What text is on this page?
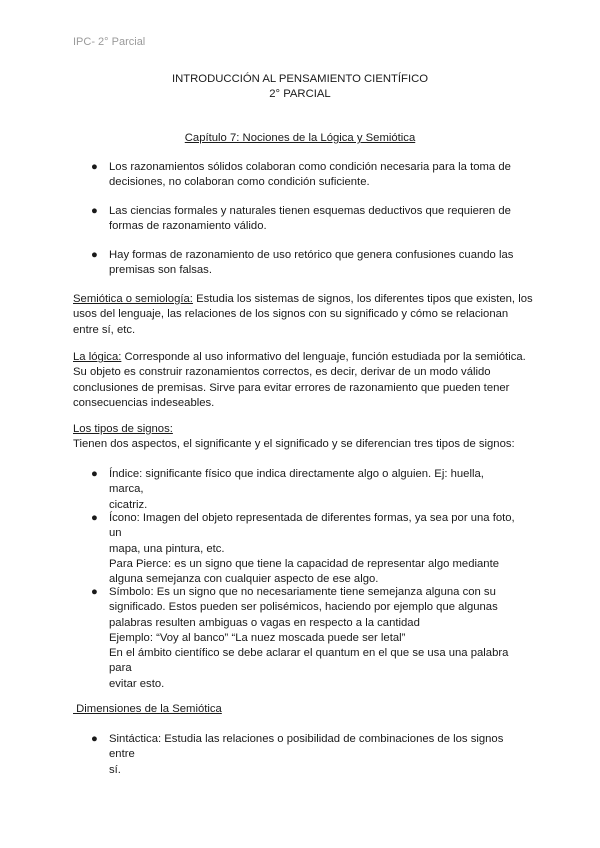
IPC- 2° Parcial
INTRODUCCIÓN AL PENSAMIENTO CIENTÍFICO
2° PARCIAL
Capítulo 7: Nociones de la Lógica y Semiótica
● Los razonamientos sólidos colaboran como condición necesaria para la toma de
decisiones, no colaboran como condición suficiente.
● Las ciencias formales y naturales tienen esquemas deductivos que requieren de
formas de razonamiento válido.
● Hay formas de razonamiento de uso retórico que genera confusiones cuando las
premisas son falsas.
Semiótica o semiología: Estudia los sistemas de signos, los diferentes tipos que existen, los
usos del lenguaje, las relaciones de los signos con su significado y cómo se relacionan
entre sí, etc.
La lógica: Corresponde al uso informativo del lenguaje, función estudiada por la semiótica.
Su objeto es construir razonamientos correctos, es decir, derivar de un modo válido
conclusiones de premisas. Sirve para evitar errores de razonamiento que pueden tener
consecuencias indeseables.
Los tipos de signos:
Tienen dos aspectos, el significante y el significado y se diferencian tres tipos de signos:
● Índice: significante físico que indica directamente algo o alguien. Ej: huella, marca,
cicatriz.
● Ícono: Imagen del objeto representada de diferentes formas, ya sea por una foto, un
mapa, una pintura, etc.
Para Pierce: es un signo que tiene la capacidad de representar algo mediante
alguna semejanza con cualquier aspecto de ese algo.
● Símbolo: Es un signo que no necesariamente tiene semejanza alguna con su
significado. Estos pueden ser polisémicos, haciendo por ejemplo que algunas
palabras resulten ambiguas o vagas en respecto a la cantidad
Ejemplo: “Voy al banco” “La nuez moscada puede ser letal”
En el ámbito científico se debe aclarar el quantum en el que se usa una palabra para
evitar esto.
Dimensiones de la Semiótica
● Sintáctica: Estudia las relaciones o posibilidad de combinaciones de los signos entre
sí.
